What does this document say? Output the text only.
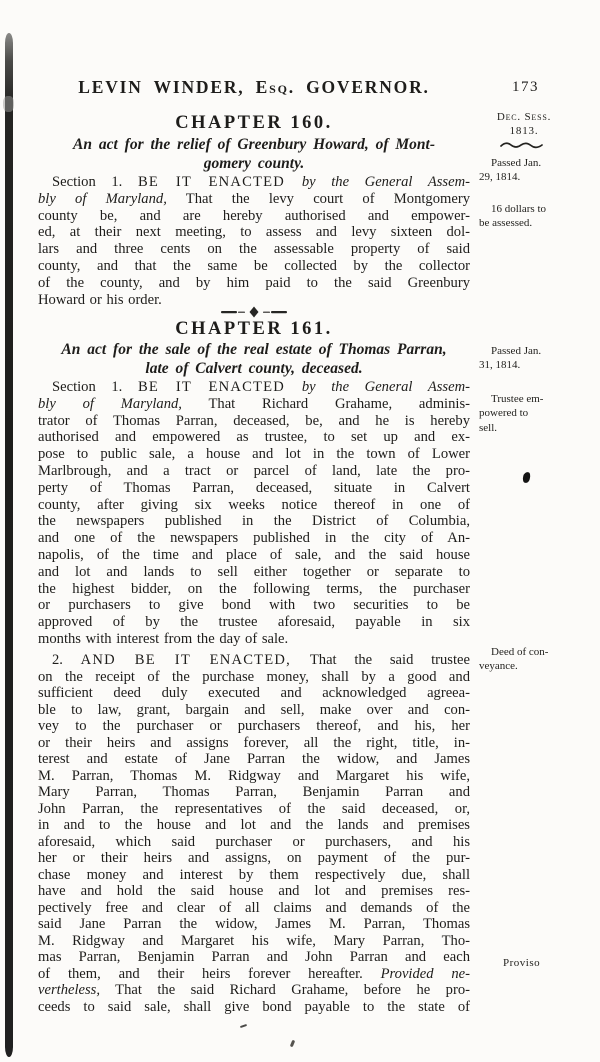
LEVIN WINDER, Esq. GOVERNOR.	173
CHAPTER 160.
An act for the relief of Greenbury Howard, of Mont-
gomery county.
Section 1. BE IT ENACTED by the General Assem-
bly of Maryland, That the levy court of Montgomery
county be, and are hereby authorised and empower-
ed, at their next meeting, to assess and levy sixteen dol-
lars and three cents on the assessable property of said
county, and that the same be collected by the collector
of the county, and by him paid to the said Greenbury
Howard or his order.
CHAPTER 161.
An act for the sale of the real estate of Thomas Parran,
late of Calvert county, deceased.
Section 1. BE IT ENACTED by the General Assem-
bly of Maryland, That Richard Grahame, adminis-
trator of Thomas Parran, deceased, be, and he is hereby
authorised and empowered as trustee, to set up and ex-
pose to public sale, a house and lot in the town of Lower
Marlbrough, and a tract or parcel of land, late the pro-
perty of Thomas Parran, deceased, situate in Calvert
county, after giving six weeks notice thereof in one of
the newspapers published in the District of Columbia,
and one of the newspapers published in the city of An-
napolis, of the time and place of sale, and the said house
and lot and lands to sell either together or separate to
the highest bidder, on the following terms, the purchaser
or purchasers to give bond with two securities to be
approved of by the trustee aforesaid, payable in six
months with interest from the day of sale.
2. AND BE IT ENACTED, That the said trustee
on the receipt of the purchase money, shall by a good and
sufficient deed duly executed and acknowledged agreea-
ble to law, grant, bargain and sell, make over and con-
vey to the purchaser or purchasers thereof, and his, her
or their heirs and assigns forever, all the right, title, in-
terest and estate of Jane Parran the widow, and James
M. Parran, Thomas M. Ridgway and Margaret his wife,
Mary Parran, Thomas Parran, Benjamin Parran and
John Parran, the representatives of the said deceased, or,
in and to the house and lot and the lands and premises
aforesaid, which said purchaser or purchasers, and his
her or their heirs and assigns, on payment of the pur-
chase money and interest by them respectively due, shall
have and hold the said house and lot and premises res-
pectively free and clear of all claims and demands of the
said Jane Parran the widow, James M. Parran, Thomas
M. Ridgway and Margaret his wife, Mary Parran, Tho-
mas Parran, Benjamin Parran and John Parran and each
of them, and their heirs forever hereafter. Provided ne-
vertheless, That the said Richard Grahame, before he pro-
ceeds to said sale, shall give bond payable to the state of
Dec. Sess.
1813.
Passed Jan.
29, 1814.
16 dollars to
be assessed.
Passed Jan.
31, 1814.
Trustee em-
powered to
sell.
Deed of con-
veyance.
Proviso
